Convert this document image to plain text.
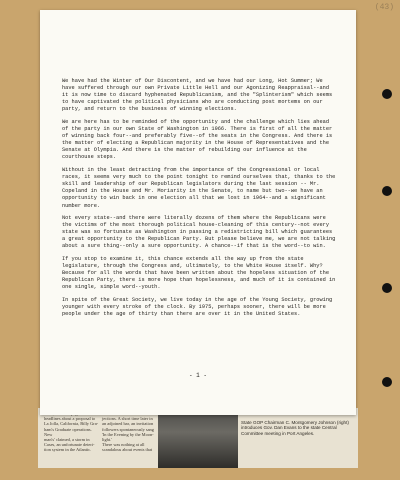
(43)

headlines about a proposal to

La Jolla, California, Billy Gra-

ham's Graduate operations. New

man's' claimed, a storm in

Cases, an unfortunate deteri-

tion system in the Atlantic.

jections. A short time later in

an adjoined bar, an invitation

followers spontaneously sang

'In the Evening by the Moon-

light.'

There was nothing at all

scandalous about events that

State GOP Chairman C. Montgomery Johnson (right) introduces Gov. Dan Evans to the state Central Committee meeting in Port Angeles.

We have had the Winter of Our Discontent, and we have had our Long, Hot Summer; We have suffered through our own Private Little Hell and our Agonizing Reappraisal--and it is now time to discard hyphenated Republicanism, and the "Splinterism" which seems to have captivated the political physicians who are conducting post mortems on our party, and return to the business of winning elections.

We are here has to be reminded of the opportunity and the challenge which lies ahead of the party in our own State of Washington in 1966. There is first of all the matter of winning back four--and preferably five--of the seats in the Congress. And there is the matter of electing a Republican majority in the House of Representatives and the Senate at Olympia. And there is the matter of rebuilding our influence at the courthouse steps.

Without in the least detracting from the importance of the Congressional or local races, it seems very much to the point tonight to remind ourselves that, thanks to the skill and leadership of our Republican legislators during the last session -- Mr. Copeland in the House and Mr. Moriarity in the Senate, to name but two--we have an opportunity to win back in one election all that we lost in 1964--and a significant number more.

Not every state--and there were literally dozens of them where the Republicans were the victims of the most thorough political house-cleaning of this century--not every state was so fortunate as Washington in passing a redistricting bill which guarantees a great opportunity to the Republican Party. But please believe me, we are not talking about a sure thing--only a sure opportunity. A chance--if that is the word--to win.

If you stop to examine it, this chance extends all the way up from the state legislature, through the Congress and, ultimately, to the White House itself. Why? Because for all the words that have been written about the hopeless situation of the Republican Party, there is more hope than hopelessness, and much of it is contained in one single, simple word--youth.

In spite of the Great Society, we live today in the age of the Young Society, growing younger with every stroke of the clock. By 1975, perhaps sooner, there will be more people under the age of thirty than there are over it in the United States.

- 1 -
